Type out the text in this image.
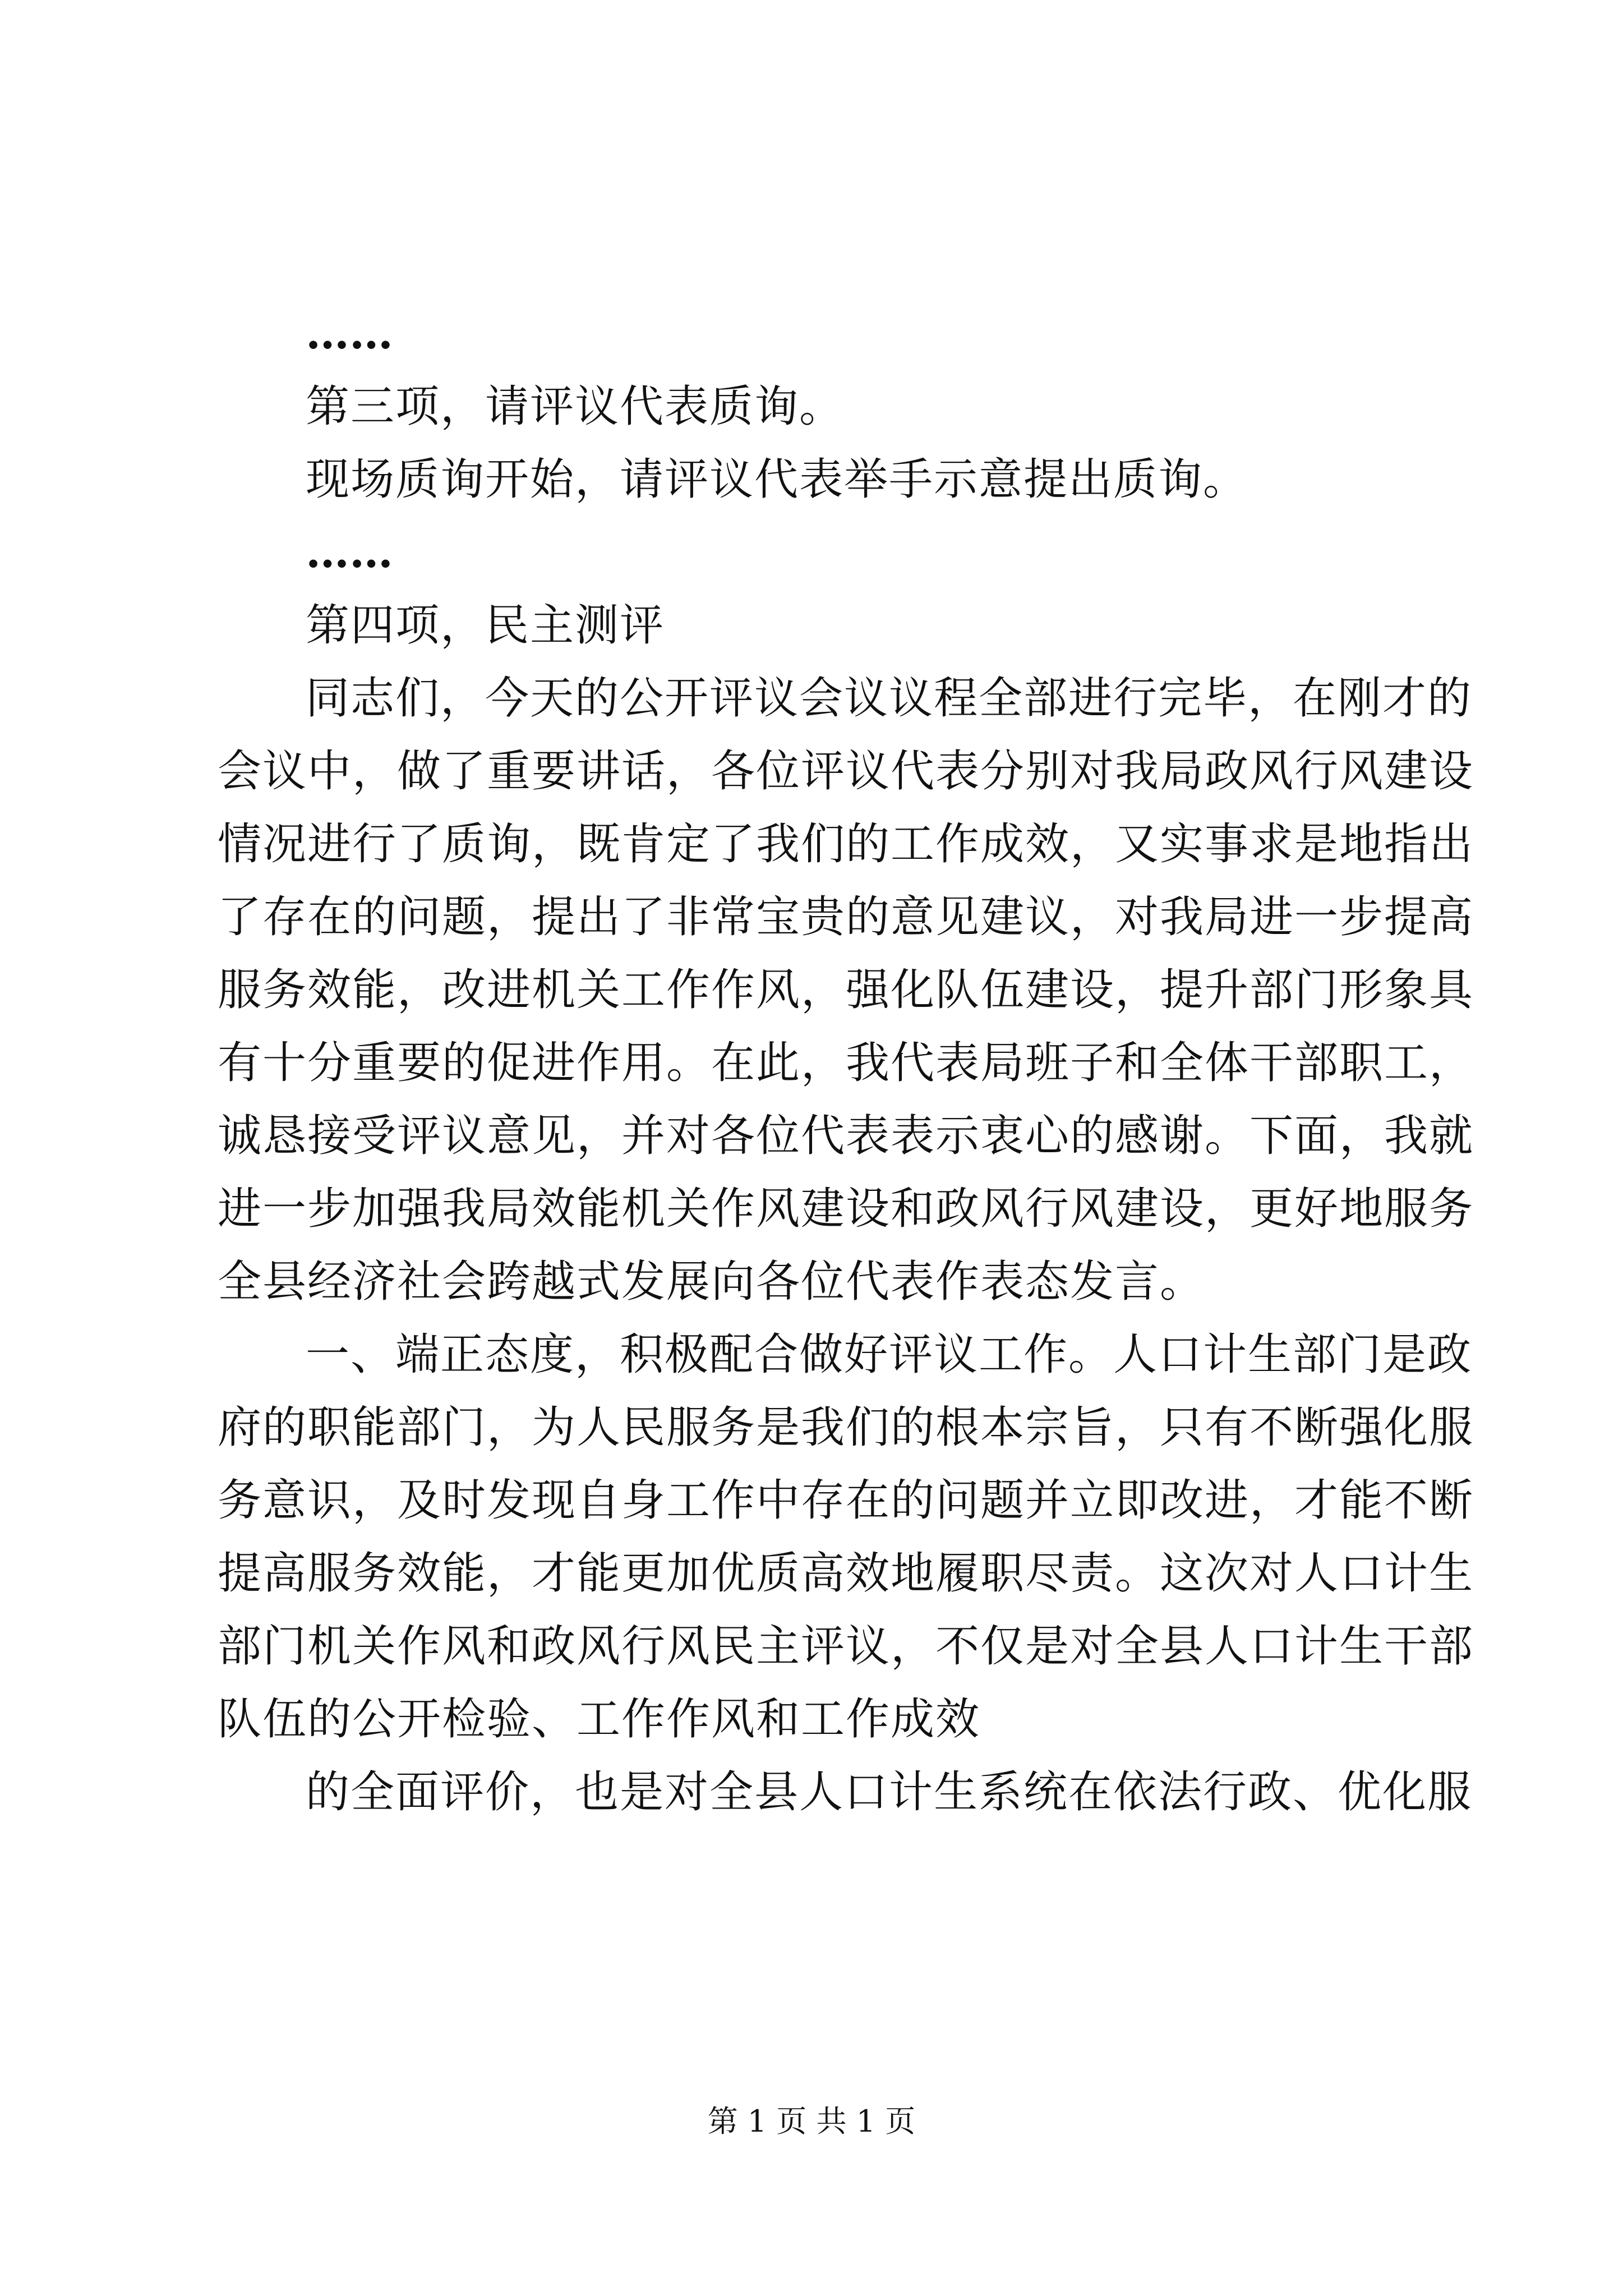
……

第三项，请评议代表质询。

现场质询开始，请评议代表举手示意提出质询。

……

第四项，民主测评

同志们，今天的公开评议会议议程全部进行完毕，在刚才的

会议中，做了重要讲话，各位评议代表分别对我局政风行风建设

情况进行了质询，既肯定了我们的工作成效，又实事求是地指出

了存在的问题，提出了非常宝贵的意见建议，对我局进一步提高

服务效能，改进机关工作作风，强化队伍建设，提升部门形象具

有十分重要的促进作用。在此，我代表局班子和全体干部职工，

诚恳接受评议意见，并对各位代表表示衷心的感谢。下面，我就

进一步加强我局效能机关作风建设和政风行风建设，更好地服务

全县经济社会跨越式发展向各位代表作表态发言。

一、端正态度，积极配合做好评议工作。人口计生部门是政

府的职能部门，为人民服务是我们的根本宗旨，只有不断强化服

务意识，及时发现自身工作中存在的问题并立即改进，才能不断

提高服务效能，才能更加优质高效地履职尽责。这次对人口计生

部门机关作风和政风行风民主评议，不仅是对全县人口计生干部

队伍的公开检验、工作作风和工作成效

的全面评价，也是对全县人口计生系统在依法行政、优化服

第 1 页 共 1 页
